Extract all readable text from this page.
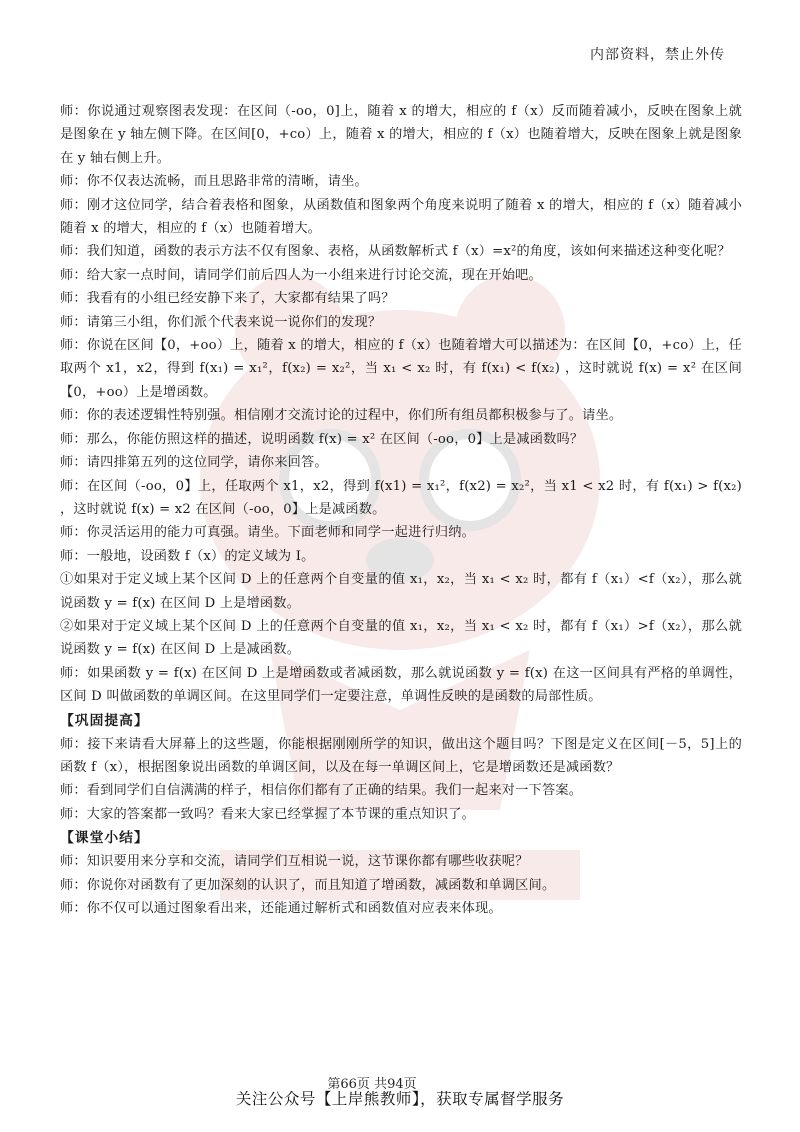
内部资料，禁止外传

师：你说通过观察图表发现：在区间（-oo，0]上，随着 x 的增大，相应的 f（x）反而随着减小，反映在图象上就是图象在 y 轴左侧下降。在区间[0，+co）上，随着 x 的增大，相应的 f（x）也随着增大，反映在图象上就是图象在 y 轴右侧上升。

师：你不仅表达流畅，而且思路非常的清晰，请坐。

师：刚才这位同学，结合着表格和图象，从函数值和图象两个角度来说明了随着 x 的增大，相应的 f（x）随着减小随着 x 的增大，相应的 f（x）也随着增大。

师：我们知道，函数的表示方法不仅有图象、表格，从函数解析式 f（x）=x²的角度，该如何来描述这种变化呢？

师：给大家一点时间，请同学们前后四人为一小组来进行讨论交流，现在开始吧。

师：我看有的小组已经安静下来了，大家都有结果了吗？

师：请第三小组，你们派个代表来说一说你们的发现？

师：你说在区间【0，+oo）上，随着 x 的增大，相应的 f（x）也随着增大可以描述为：在区间【0，+co）上，任取两个 x1，x2，得到 f(x₁) = x₁²，f(x₂) = x₂²，当 x₁ < x₂ 时，有 f(x₁) < f(x₂) ，这时就说 f(x) = x² 在区间【0，+oo）上是增函数。

师：你的表述逻辑性特别强。相信刚才交流讨论的过程中，你们所有组员都积极参与了。请坐。

师：那么，你能仿照这样的描述，说明函数 f(x) = x² 在区间（-oo，0】上是减函数吗？

师：请四排第五列的这位同学，请你来回答。

师：在区间（-oo，0】上，任取两个 x1，x2，得到 f(x1) = x₁²，f(x2) = x₂²，当 x1 < x2 时，有 f(x₁) > f(x₂) ，这时就说 f(x) = x2 在区间（-oo，0】上是减函数。

师：你灵活运用的能力可真强。请坐。下面老师和同学一起进行归纳。

师：一般地，设函数 f（x）的定义域为 I。

①如果对于定义域上某个区间 D 上的任意两个自变量的值 x₁，x₂，当 x₁ < x₂ 时，都有 f（x₁）<f（x₂），那么就说函数 y = f(x) 在区间 D 上是增函数。

②如果对于定义域上某个区间 D 上的任意两个自变量的值 x₁，x₂，当 x₁ < x₂ 时，都有 f（x₁）>f（x₂），那么就说函数 y = f(x) 在区间 D 上是减函数。

师：如果函数 y = f(x) 在区间 D 上是增函数或者减函数，那么就说函数 y = f(x) 在这一区间具有严格的单调性，区间 D 叫做函数的单调区间。在这里同学们一定要注意，单调性反映的是函数的局部性质。

【巩固提高】

师：接下来请看大屏幕上的这些题，你能根据刚刚所学的知识，做出这个题目吗？下图是定义在区间[－5，5]上的函数 f（x），根据图象说出函数的单调区间，以及在每一单调区间上，它是增函数还是减函数？

师：看到同学们自信满满的样子，相信你们都有了正确的结果。我们一起来对一下答案。

师：大家的答案都一致吗？看来大家已经掌握了本节课的重点知识了。

【课堂小结】

师：知识要用来分享和交流，请同学们互相说一说，这节课你都有哪些收获呢？

师：你说你对函数有了更加深刻的认识了，而且知道了增函数，减函数和单调区间。

师：你不仅可以通过图象看出来，还能通过解析式和函数值对应表来体现。

第66页 共94页
关注公众号【上岸熊教师】，获取专属督学服务
